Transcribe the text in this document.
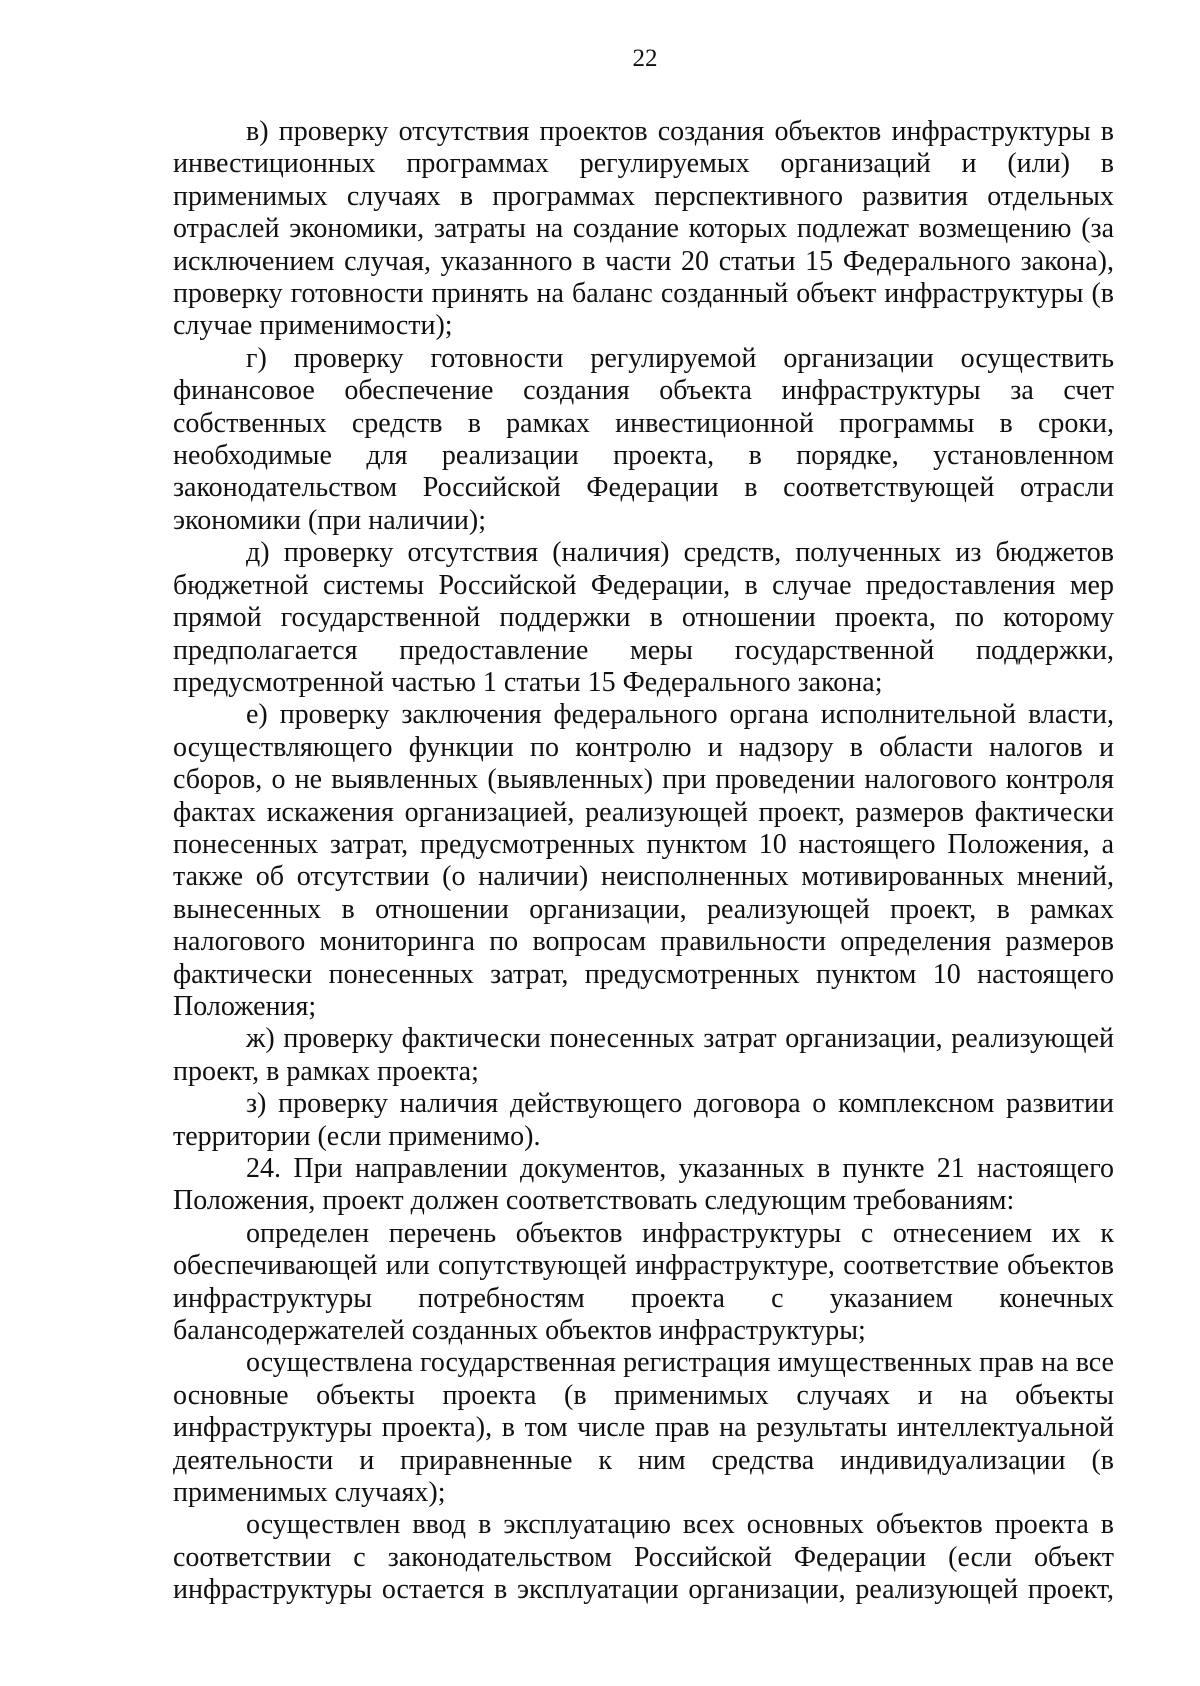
22

в) проверку отсутствия проектов создания объектов инфраструктуры в инвестиционных программах регулируемых организаций и (или) в применимых случаях в программах перспективного развития отдельных отраслей экономики, затраты на создание которых подлежат возмещению (за исключением случая, указанного в части 20 статьи 15 Федерального закона), проверку готовности принять на баланс созданный объект инфраструктуры (в случае применимости);

г) проверку готовности регулируемой организации осуществить финансовое обеспечение создания объекта инфраструктуры за счет собственных средств в рамках инвестиционной программы в сроки, необходимые для реализации проекта, в порядке, установленном законодательством Российской Федерации в соответствующей отрасли экономики (при наличии);

д) проверку отсутствия (наличия) средств, полученных из бюджетов бюджетной системы Российской Федерации, в случае предоставления мер прямой государственной поддержки в отношении проекта, по которому предполагается предоставление меры государственной поддержки, предусмотренной частью 1 статьи 15 Федерального закона;

е) проверку заключения федерального органа исполнительной власти, осуществляющего функции по контролю и надзору в области налогов и сборов, о не выявленных (выявленных) при проведении налогового контроля фактах искажения организацией, реализующей проект, размеров фактически понесенных затрат, предусмотренных пунктом 10 настоящего Положения, а также об отсутствии (о наличии) неисполненных мотивированных мнений, вынесенных в отношении организации, реализующей проект, в рамках налогового мониторинга по вопросам правильности определения размеров фактически понесенных затрат, предусмотренных пунктом 10 настоящего Положения;

ж) проверку фактически понесенных затрат организации, реализующей проект, в рамках проекта;

з) проверку наличия действующего договора о комплексном развитии территории (если применимо).

24. При направлении документов, указанных в пункте 21 настоящего Положения, проект должен соответствовать следующим требованиям:

определен перечень объектов инфраструктуры с отнесением их к обеспечивающей или сопутствующей инфраструктуре, соответствие объектов инфраструктуры потребностям проекта с указанием конечных балансодержателей созданных объектов инфраструктуры;

осуществлена государственная регистрация имущественных прав на все основные объекты проекта (в применимых случаях и на объекты инфраструктуры проекта), в том числе прав на результаты интеллектуальной деятельности и приравненные к ним средства индивидуализации (в применимых случаях);

осуществлен ввод в эксплуатацию всех основных объектов проекта в соответствии с законодательством Российской Федерации (если объект инфраструктуры остается в эксплуатации организации, реализующей проект,
